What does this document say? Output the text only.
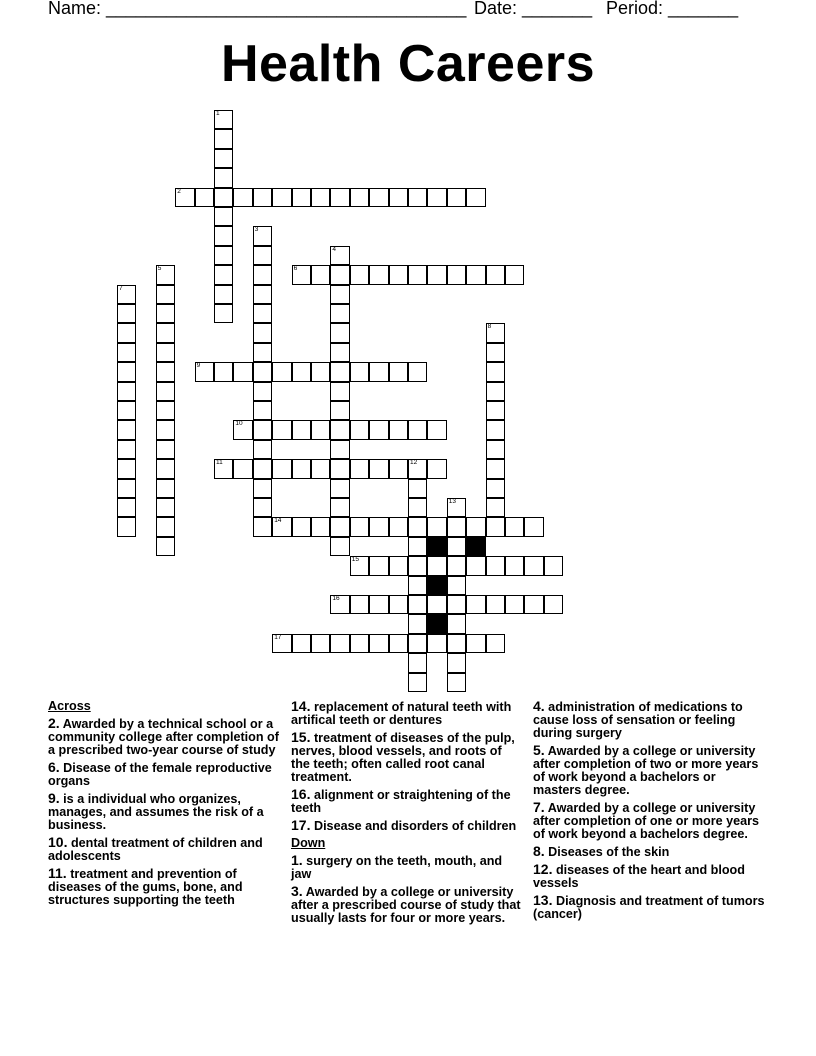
Name: ____________________________________ Date: _______ Period: _______
Health Careers
1
2
3
4
5	6
7
8
9
10
11	12
13
14
15
16
17
Across
2. Awarded by a technical school or a community college after completion of a prescribed two-year course of study
6. Disease of the female reproductive organs
9. is a individual who organizes, manages, and assumes the risk of a business.
10. dental treatment of children and adolescents
11. treatment and prevention of diseases of the gums, bone, and structures supporting the teeth
14. replacement of natural teeth with artifical teeth or dentures
15. treatment of diseases of the pulp, nerves, blood vessels, and roots of the teeth; often called root canal treatment.
16. alignment or straightening of the teeth
17. Disease and disorders of children
Down
1. surgery on the teeth, mouth, and jaw
3. Awarded by a college or university after a prescribed course of study that usually lasts for four or more years.
4. administration of medications to cause loss of sensation or feeling during surgery
5. Awarded by a college or university after completion of two or more years of work beyond a bachelors or masters degree.
7. Awarded by a college or university after completion of one or more years of work beyond a bachelors degree.
8. Diseases of the skin
12. diseases of the heart and blood vessels
13. Diagnosis and treatment of tumors (cancer)
